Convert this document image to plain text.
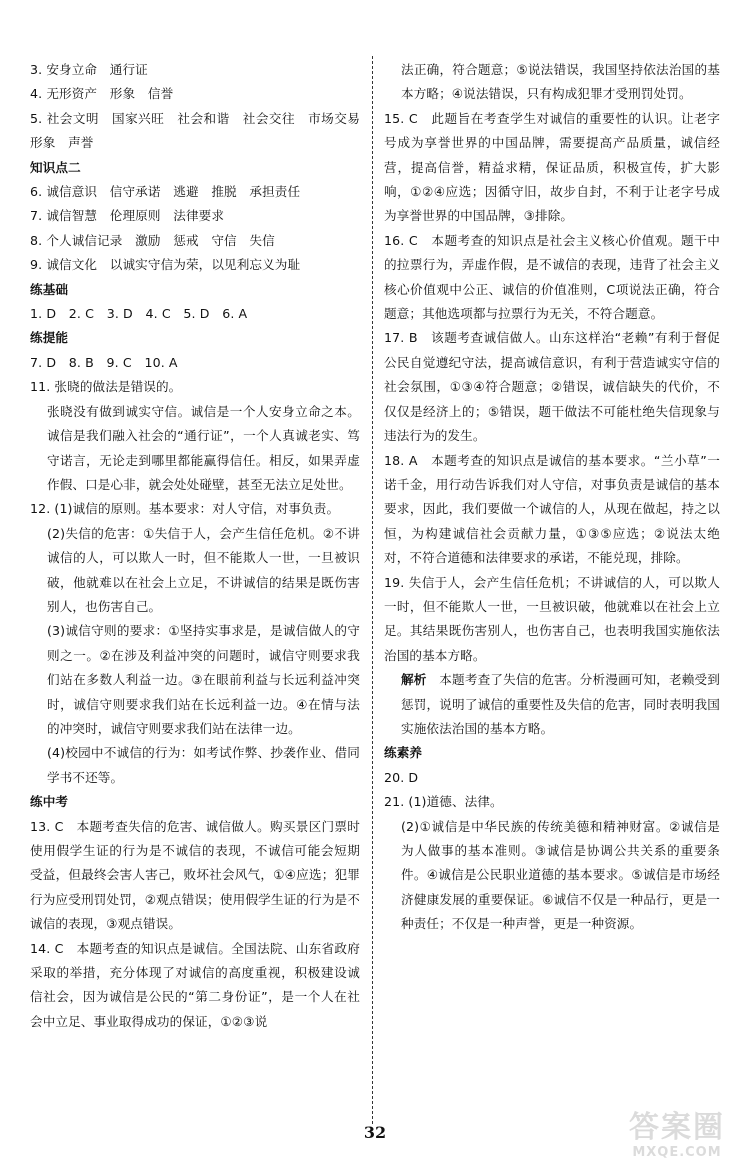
3. 安身立命　通行证

4. 无形资产　形象　信誉

5. 社会文明　国家兴旺　社会和谐　社会交往　市场交易　形象　声誉

知识点二

6. 诚信意识　信守承诺　逃避　推脱　承担责任

7. 诚信智慧　伦理原则　法律要求

8. 个人诚信记录　激励　惩戒　守信　失信

9. 诚信文化　以诚实守信为荣，以见利忘义为耻

练基础

1. D　2. C　3. D　4. C　5. D　6. A

练提能

7. D　8. B　9. C　10. A

11. 张晓的做法是错误的。

张晓没有做到诚实守信。诚信是一个人安身立命之本。诚信是我们融入社会的“通行证”，一个人真诚老实、笃守诺言，无论走到哪里都能赢得信任。相反，如果弄虚作假、口是心非，就会处处碰壁，甚至无法立足处世。

12. (1)诚信的原则。基本要求：对人守信，对事负责。

(2)失信的危害：①失信于人，会产生信任危机。②不讲诚信的人，可以欺人一时，但不能欺人一世，一旦被识破，他就难以在社会上立足，不讲诚信的结果是既伤害别人，也伤害自己。

(3)诚信守则的要求：①坚持实事求是，是诚信做人的守则之一。②在涉及利益冲突的问题时，诚信守则要求我们站在多数人利益一边。③在眼前利益与长远利益冲突时，诚信守则要求我们站在长远利益一边。④在情与法的冲突时，诚信守则要求我们站在法律一边。

(4)校园中不诚信的行为：如考试作弊、抄袭作业、借同学书不还等。

练中考

13. C　本题考查失信的危害、诚信做人。购买景区门票时使用假学生证的行为是不诚信的表现，不诚信可能会短期受益，但最终会害人害己，败坏社会风气，①④应选；犯罪行为应受刑罚处罚，②观点错误；使用假学生证的行为是不诚信的表现，③观点错误。

14. C　本题考查的知识点是诚信。全国法院、山东省政府采取的举措，充分体现了对诚信的高度重视，积极建设诚信社会，因为诚信是公民的“第二身份证”，是一个人在社会中立足、事业取得成功的保证，①②③说

法正确，符合题意；⑤说法错误，我国坚持依法治国的基本方略；④说法错误，只有构成犯罪才受刑罚处罚。

15. C　此题旨在考查学生对诚信的重要性的认识。让老字号成为享誉世界的中国品牌，需要提高产品质量，诚信经营，提高信誉，精益求精，保证品质，积极宣传，扩大影响，①②④应选；因循守旧，故步自封，不利于让老字号成为享誉世界的中国品牌，③排除。

16. C　本题考查的知识点是社会主义核心价值观。题干中的拉票行为，弄虚作假，是不诚信的表现，违背了社会主义核心价值观中公正、诚信的价值准则，C项说法正确，符合题意；其他选项都与拉票行为无关，不符合题意。

17. B　该题考查诚信做人。山东这样治“老赖”有利于督促公民自觉遵纪守法，提高诚信意识，有利于营造诚实守信的社会氛围，①③④符合题意；②错误，诚信缺失的代价，不仅仅是经济上的；⑤错误，题干做法不可能杜绝失信现象与违法行为的发生。

18. A　本题考查的知识点是诚信的基本要求。“兰小草”一诺千金，用行动告诉我们对人守信，对事负责是诚信的基本要求，因此，我们要做一个诚信的人，从现在做起，持之以恒，为构建诚信社会贡献力量，①③⑤应选；②说法太绝对，不符合道德和法律要求的承诺，不能兑现，排除。

19. 失信于人，会产生信任危机；不讲诚信的人，可以欺人一时，但不能欺人一世，一旦被识破，他就难以在社会上立足。其结果既伤害别人，也伤害自己，也表明我国实施依法治国的基本方略。

解析　本题考查了失信的危害。分析漫画可知，老赖受到惩罚，说明了诚信的重要性及失信的危害，同时表明我国实施依法治国的基本方略。

练素养

20. D

21. (1)道德、法律。

(2)①诚信是中华民族的传统美德和精神财富。②诚信是为人做事的基本准则。③诚信是协调公共关系的重要条件。④诚信是公民职业道德的基本要求。⑤诚信是市场经济健康发展的重要保证。⑥诚信不仅是一种品行，更是一种责任；不仅是一种声誉，更是一种资源。

32	答案圈
MXQE.COM
